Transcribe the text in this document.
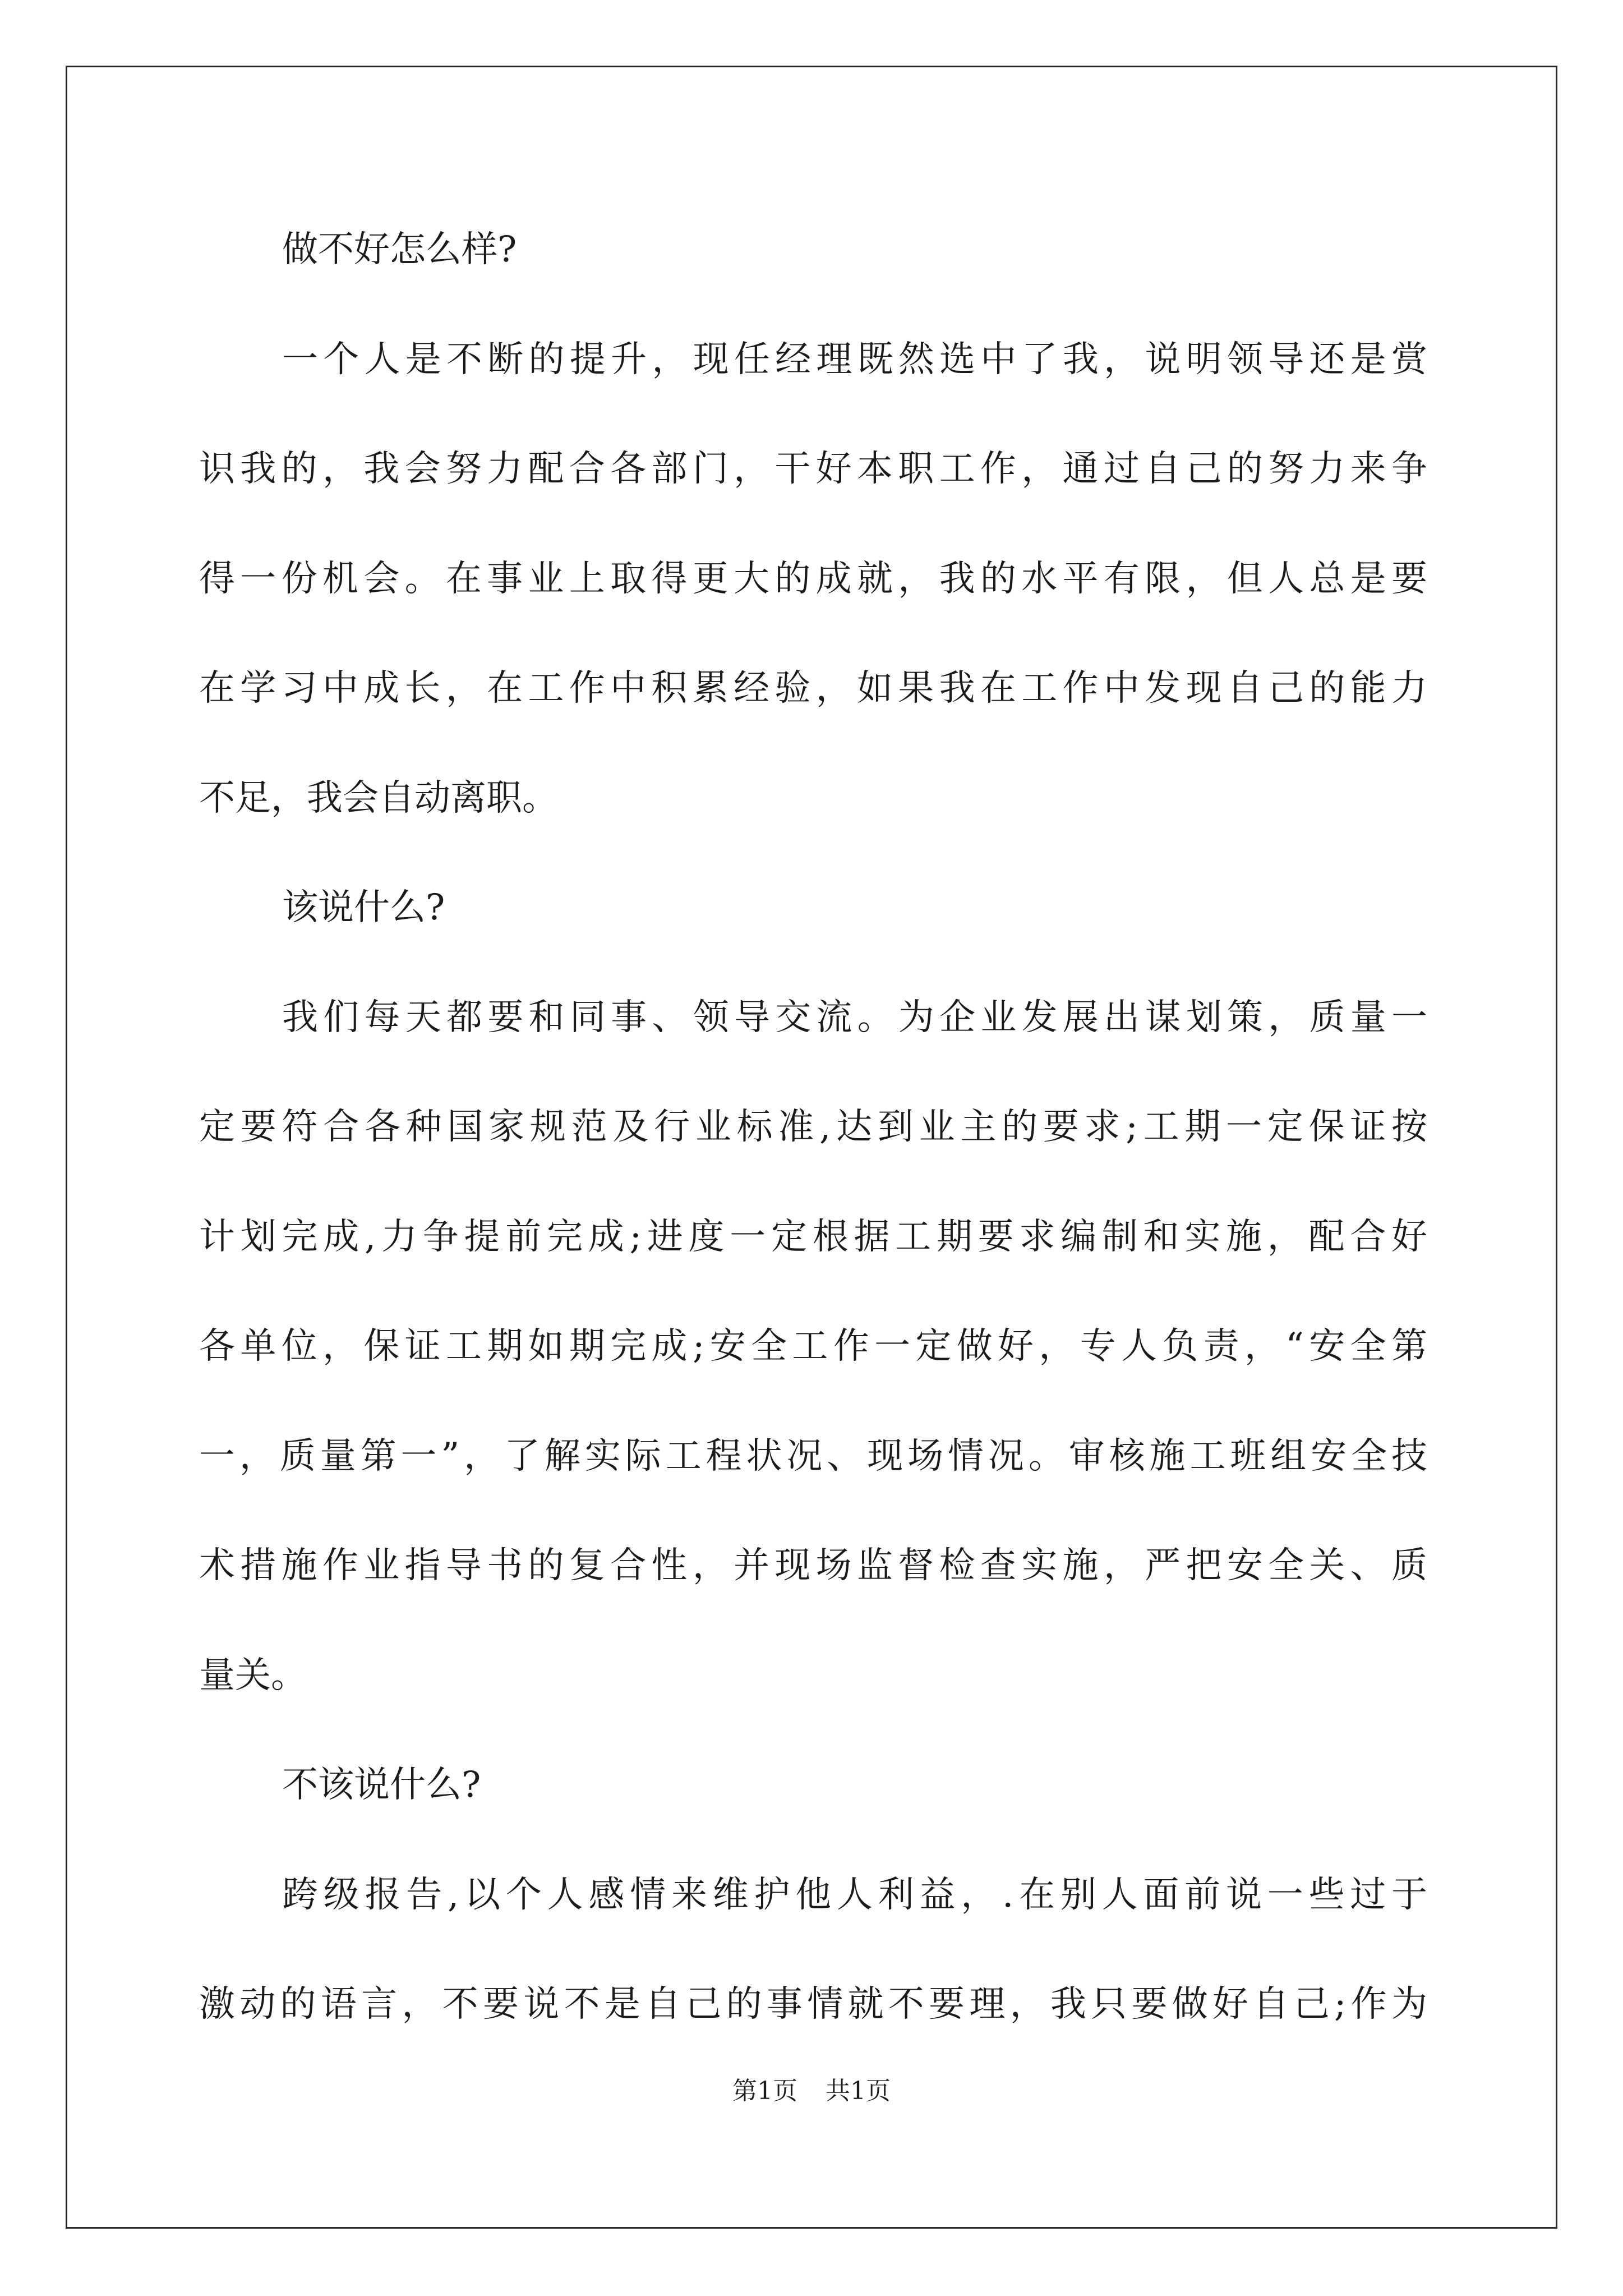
做不好怎么样?
一个人是不断的提升，现任经理既然选中了我，说明领导还是赏
识我的，我会努力配合各部门，干好本职工作，通过自己的努力来争
得一份机会。在事业上取得更大的成就，我的水平有限，但人总是要
在学习中成长，在工作中积累经验，如果我在工作中发现自己的能力
不足，我会自动离职。
该说什么?
我们每天都要和同事、领导交流。为企业发展出谋划策，质量一
定要符合各种国家规范及行业标准,达到业主的要求;工期一定保证按
计划完成,力争提前完成;进度一定根据工期要求编制和实施，配合好
各单位，保证工期如期完成;安全工作一定做好，专人负责，“安全第
一，质量第一”，了解实际工程状况、现场情况。审核施工班组安全技
术措施作业指导书的复合性，并现场监督检查实施，严把安全关、质
量关。
不该说什么?
跨级报告,以个人感情来维护他人利益，.在别人面前说一些过于
激动的语言，不要说不是自己的事情就不要理，我只要做好自己;作为
第1页 共1页
